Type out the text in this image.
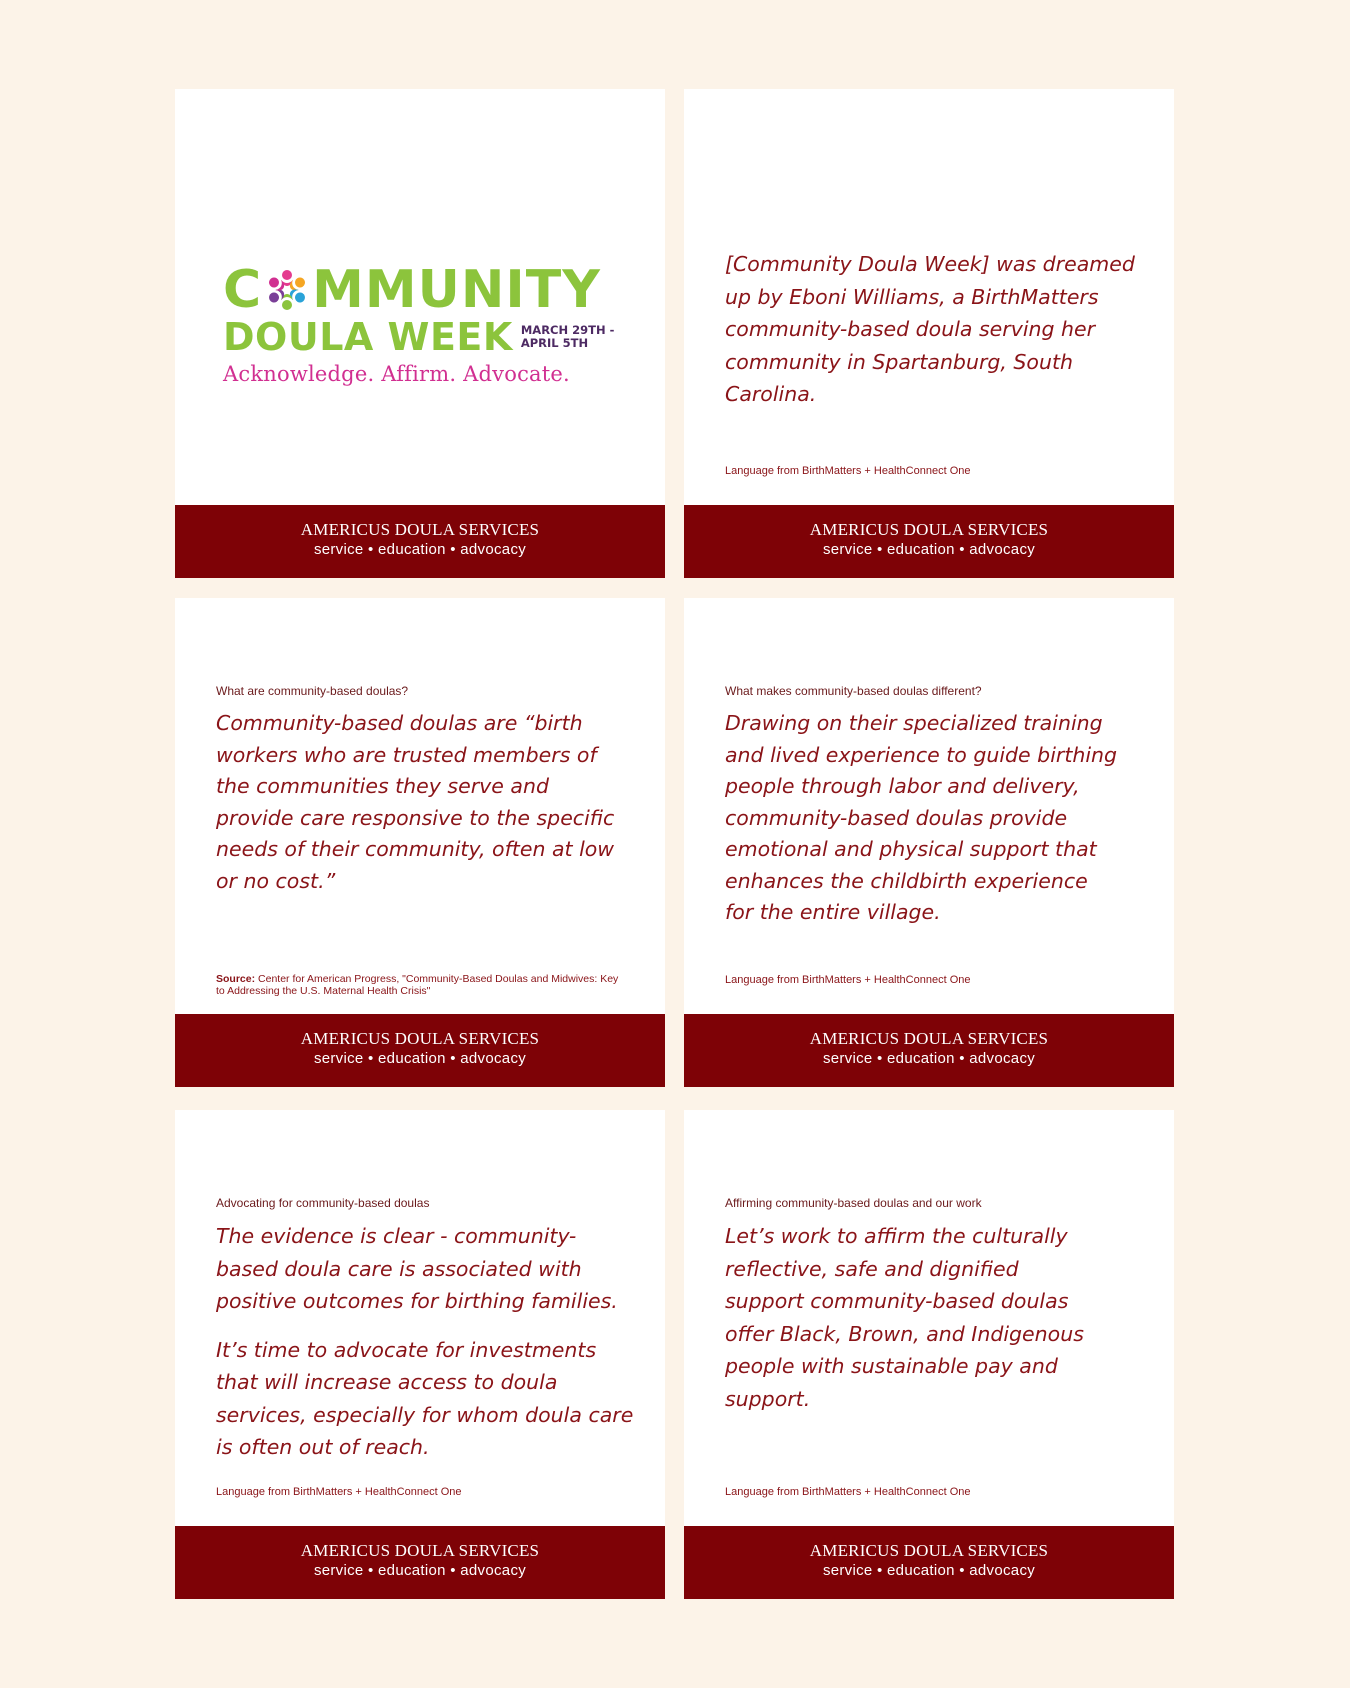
C MMUNITY
DOULA WEEK MARCH 29TH -
APRIL 5TH
Acknowledge. Affirm. Advocate.
AMERICUS DOULA SERVICES
service • education • advocacy

[Community Doula Week] was dreamed up by Eboni Williams, a BirthMatters community-based doula serving her community in Spartanburg, South Carolina.

Language from BirthMatters + HealthConnect One
AMERICUS DOULA SERVICES
service • education • advocacy
What are community-based doulas?

Community-based doulas are “birth workers who are trusted members of the communities they serve and provide care responsive to the specific needs of their community, often at low or no cost.”

Source: Center for American Progress, "Community-Based Doulas and Midwives: Key to Addressing the U.S. Maternal Health Crisis"
AMERICUS DOULA SERVICES
service • education • advocacy
What makes community-based doulas different?

Drawing on their specialized training and lived experience to guide birthing people through labor and delivery, community-based doulas provide emotional and physical support that enhances the childbirth experience for the entire village.

Language from BirthMatters + HealthConnect One
AMERICUS DOULA SERVICES
service • education • advocacy
Advocating for community-based doulas

The evidence is clear - community-based doula care is associated with positive outcomes for birthing families.

It’s time to advocate for investments that will increase access to doula services, especially for whom doula care is often out of reach.

Language from BirthMatters + HealthConnect One
AMERICUS DOULA SERVICES
service • education • advocacy
Affirming community-based doulas and our work

Let’s work to affirm the culturally reflective, safe and dignified support community-based doulas offer Black, Brown, and Indigenous people with sustainable pay and support.

Language from BirthMatters + HealthConnect One
AMERICUS DOULA SERVICES
service • education • advocacy
